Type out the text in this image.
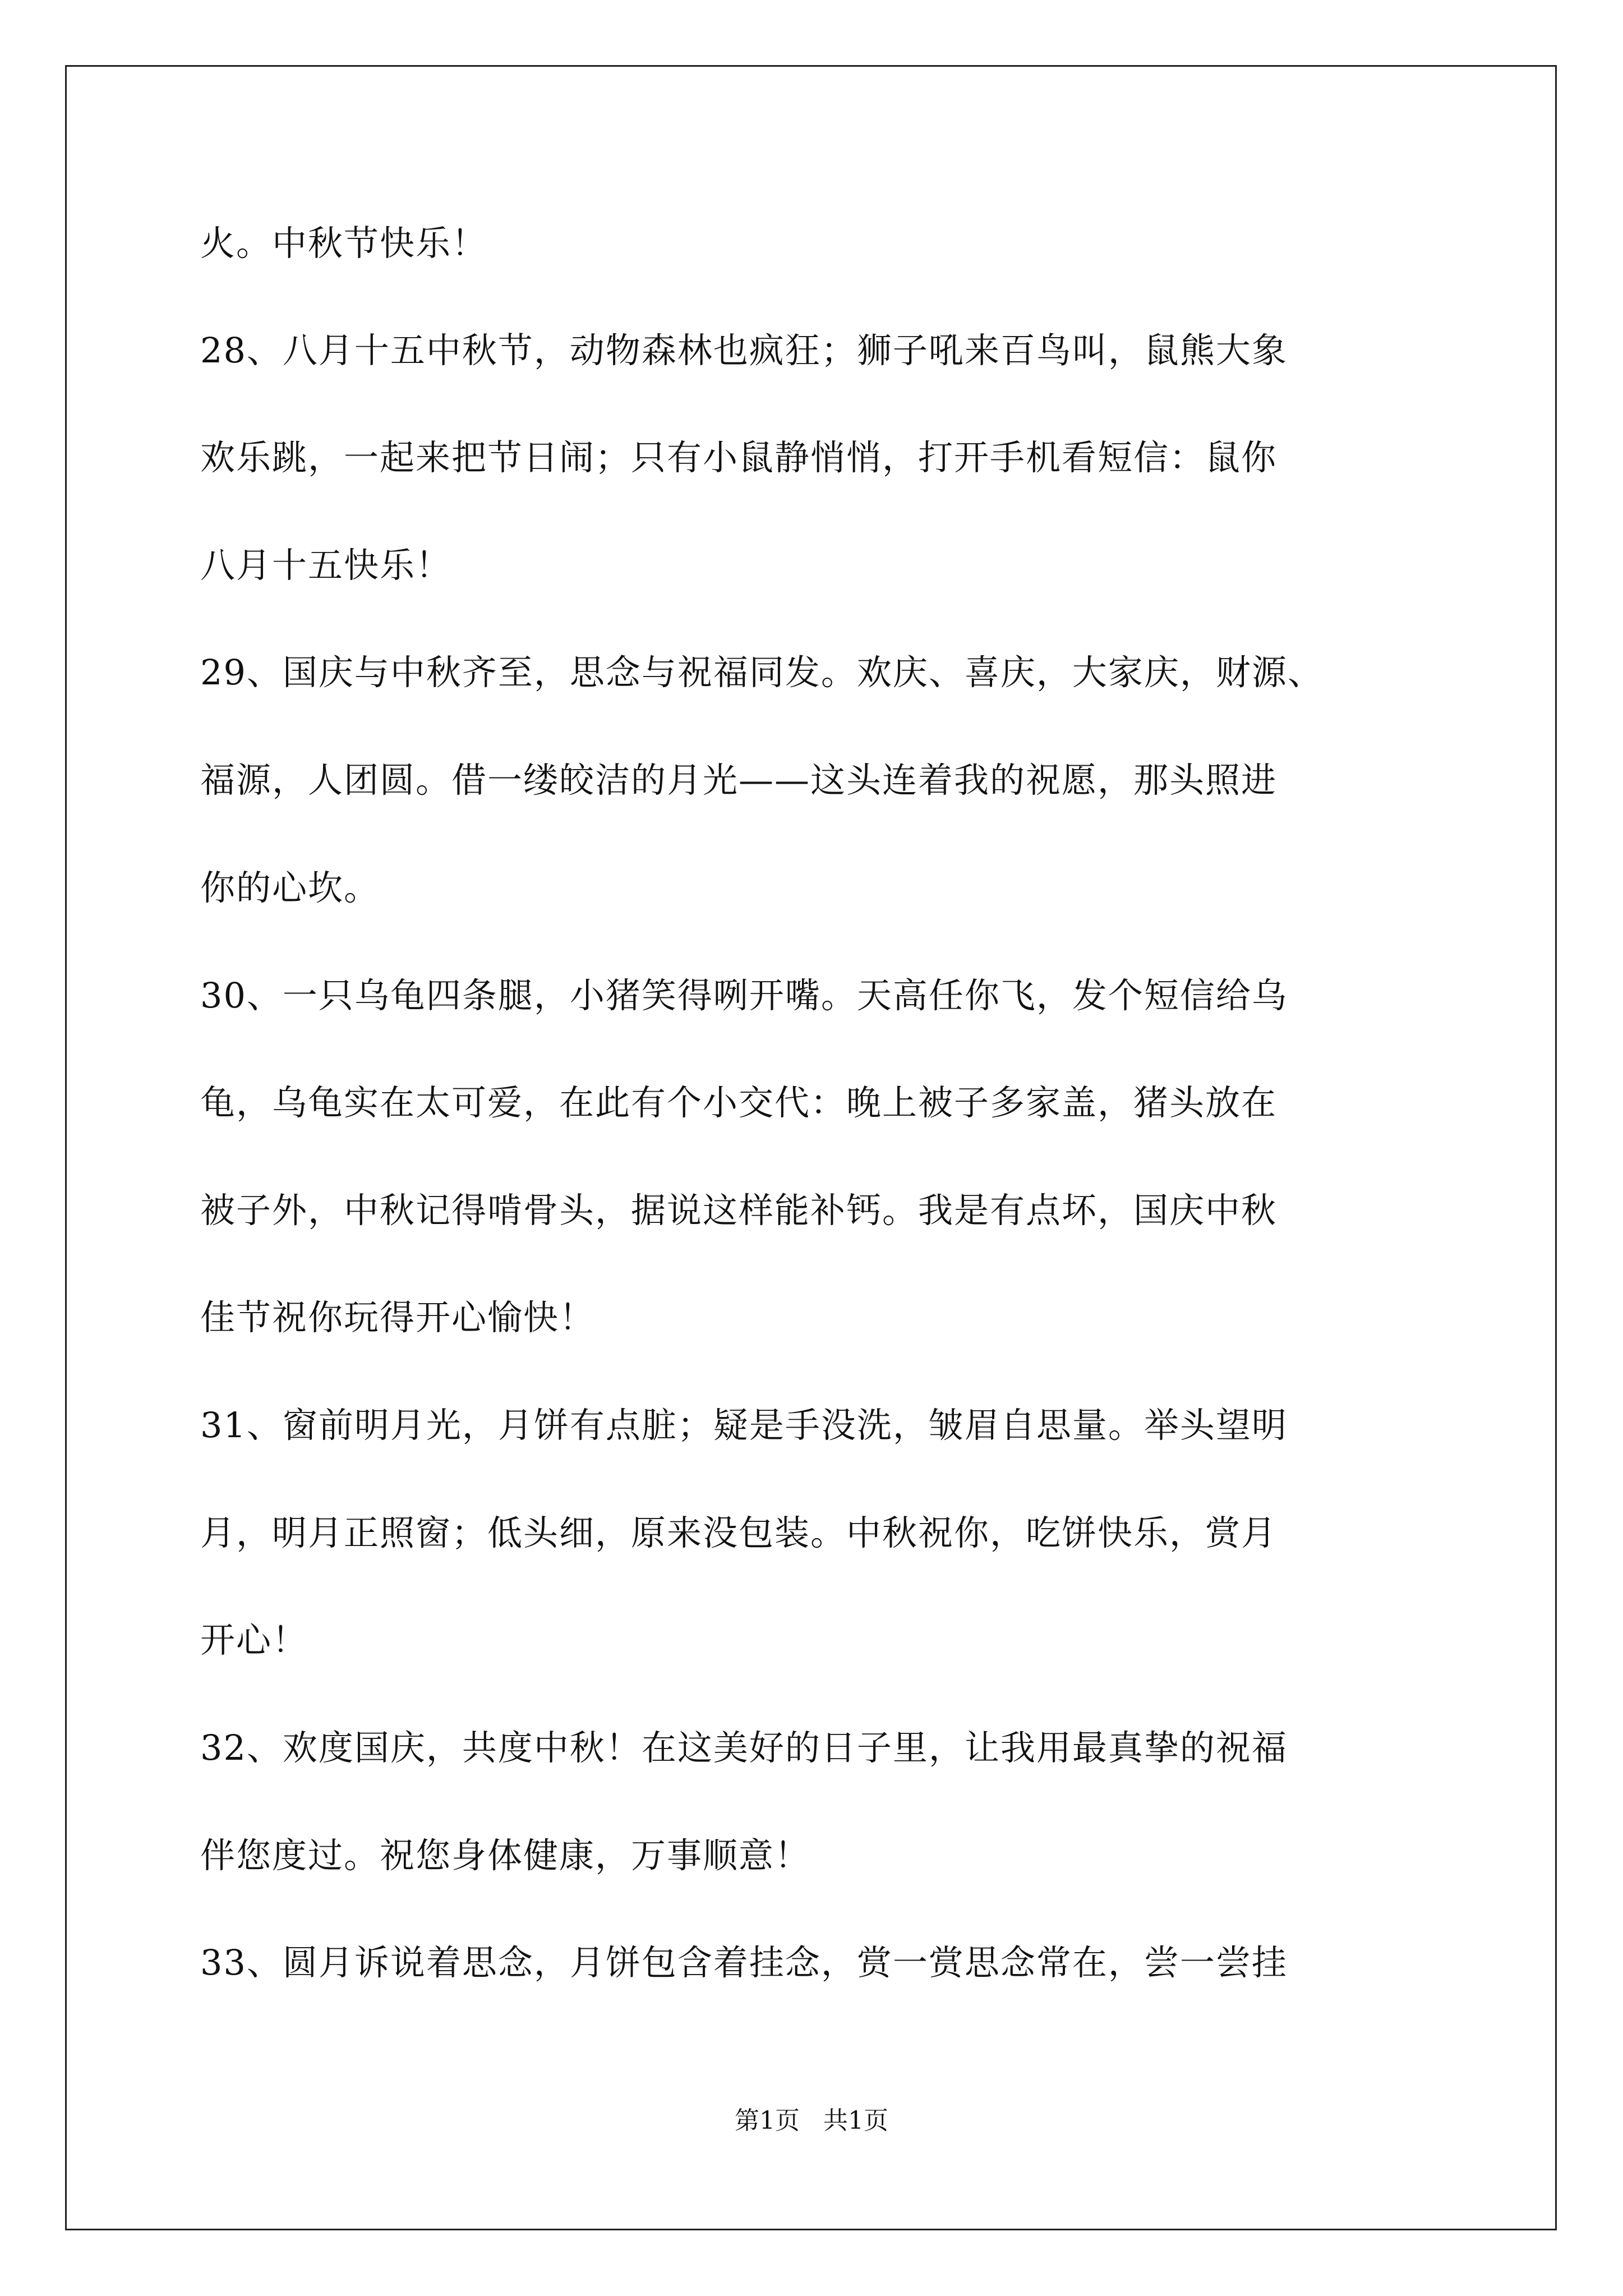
火。中秋节快乐！
28、八月十五中秋节，动物森林也疯狂；狮子吼来百鸟叫，鼠熊大象
欢乐跳，一起来把节日闹；只有小鼠静悄悄，打开手机看短信：鼠你
八月十五快乐！
29、国庆与中秋齐至，思念与祝福同发。欢庆、喜庆，大家庆，财源、
福源，人团圆。借一缕皎洁的月光——这头连着我的祝愿，那头照进
你的心坎。
30、一只乌龟四条腿，小猪笑得咧开嘴。天高任你飞，发个短信给乌
龟，乌龟实在太可爱，在此有个小交代：晚上被子多家盖，猪头放在
被子外，中秋记得啃骨头，据说这样能补钙。我是有点坏，国庆中秋
佳节祝你玩得开心愉快！
31、窗前明月光，月饼有点脏；疑是手没洗，皱眉自思量。举头望明
月，明月正照窗；低头细，原来没包装。中秋祝你，吃饼快乐，赏月
开心！
32、欢度国庆，共度中秋！在这美好的日子里，让我用最真挚的祝福
伴您度过。祝您身体健康，万事顺意！
33、圆月诉说着思念，月饼包含着挂念，赏一赏思念常在，尝一尝挂
第1页   共1页
